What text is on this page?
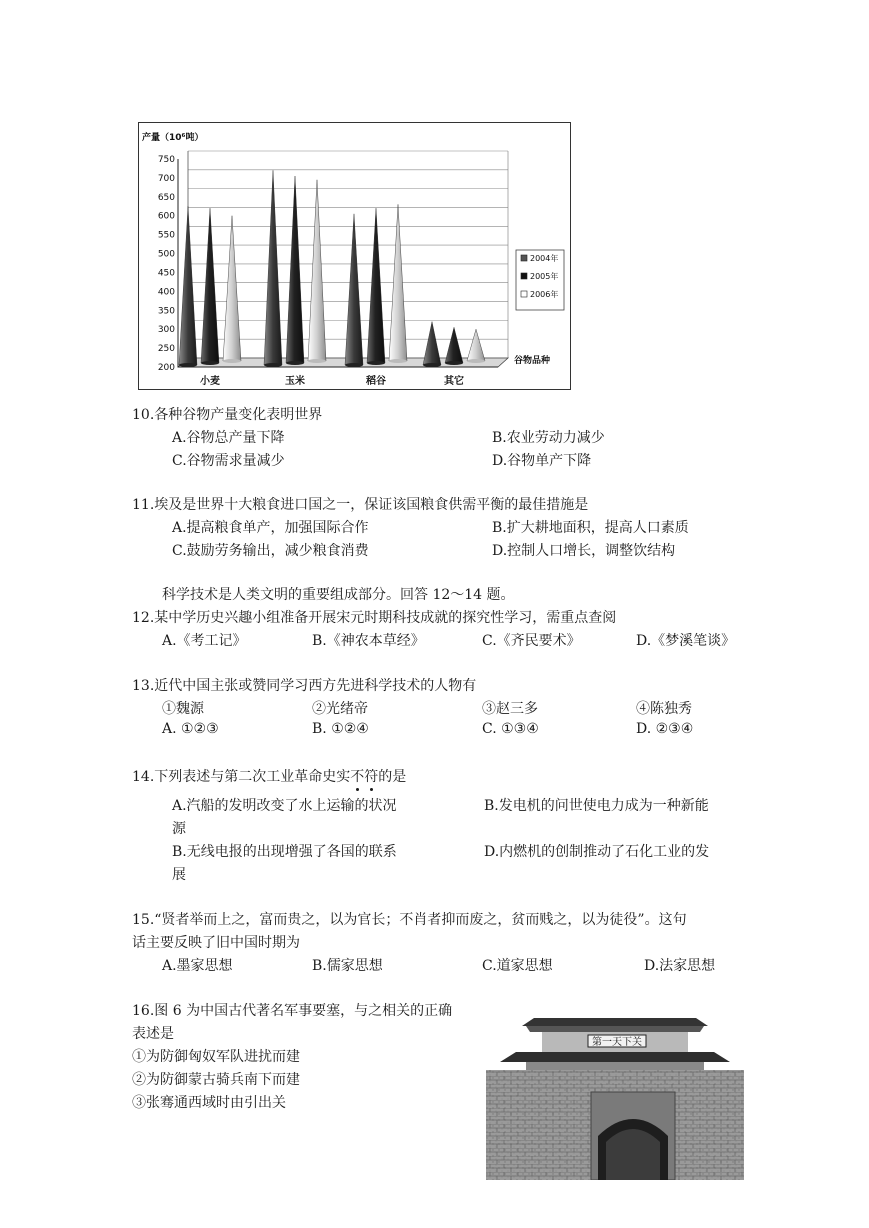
200
250
300
350
400
450
500
550
600
650
700
750
产量（10⁶吨）
小麦	玉米	稻谷	其它
谷物品种
2004年
2005年
2006年
10.各种谷物产量变化表明世界
A.谷物总产量下降	B.农业劳动力减少
C.谷物需求量减少	D.谷物单产下降
11.埃及是世界十大粮食进口国之一，保证该国粮食供需平衡的最佳措施是
A.提高粮食单产，加强国际合作	B.扩大耕地面积，提高人口素质
C.鼓励劳务输出，减少粮食消费	D.控制人口增长，调整饮结构
科学技术是人类文明的重要组成部分。回答 12～14 题。
12.某中学历史兴趣小组准备开展宋元时期科技成就的探究性学习，需重点查阅
A.《考工记》	B.《神农本草经》	C.《齐民要术》	D.《梦溪笔谈》
13.近代中国主张或赞同学习西方先进科学技术的人物有
①魏源	②光绪帝	③赵三多	④陈独秀
A. ①②③	B. ①②④	C. ①③④	D. ②③④
14.下列表述与第二次工业革命史实不符的是
A.汽船的发明改变了水上运输的状况	B.发电机的问世使电力成为一种新能
源
B.无线电报的出现增强了各国的联系	D.内燃机的创制推动了石化工业的发
展
15.“贤者举而上之，富而贵之，以为官长；不肖者抑而废之，贫而贱之，以为徒役”。这句
话主要反映了旧中国时期为
A.墨家思想	B.儒家思想	C.道家思想	D.法家思想
16.图 6 为中国古代著名军事要塞，与之相关的正确
表述是
①为防御匈奴军队进扰而建
②为防御蒙古骑兵南下而建
③张骞通西域时由引出关
第一天下关
